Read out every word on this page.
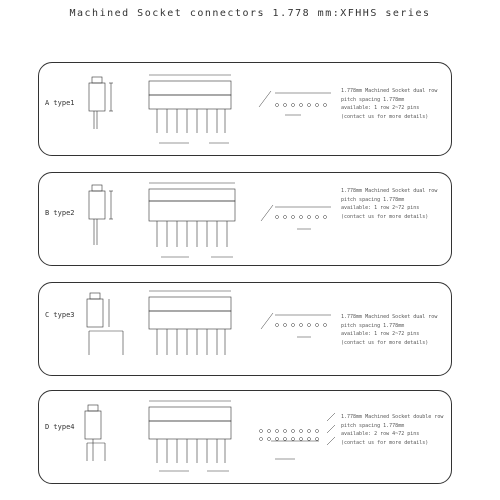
Machined Socket connectors 1.778 mm:XFHHS series
A type1
1.778mm Machined Socket dual row
pitch spacing 1.778mm
available: 1 row 2~72 pins
(contact us for more details)
B type2
1.778mm Machined Socket dual row
pitch spacing 1.778mm
available: 1 row 2~72 pins
(contact us for more details)
C type3	1.778mm Machined Socket dual row
pitch spacing 1.778mm
available: 1 row 2~72 pins
(contact us for more details)
D type4
1.778mm Machined Socket double row
pitch spacing 1.778mm
available: 2 row 4~72 pins
(contact us for more details)
